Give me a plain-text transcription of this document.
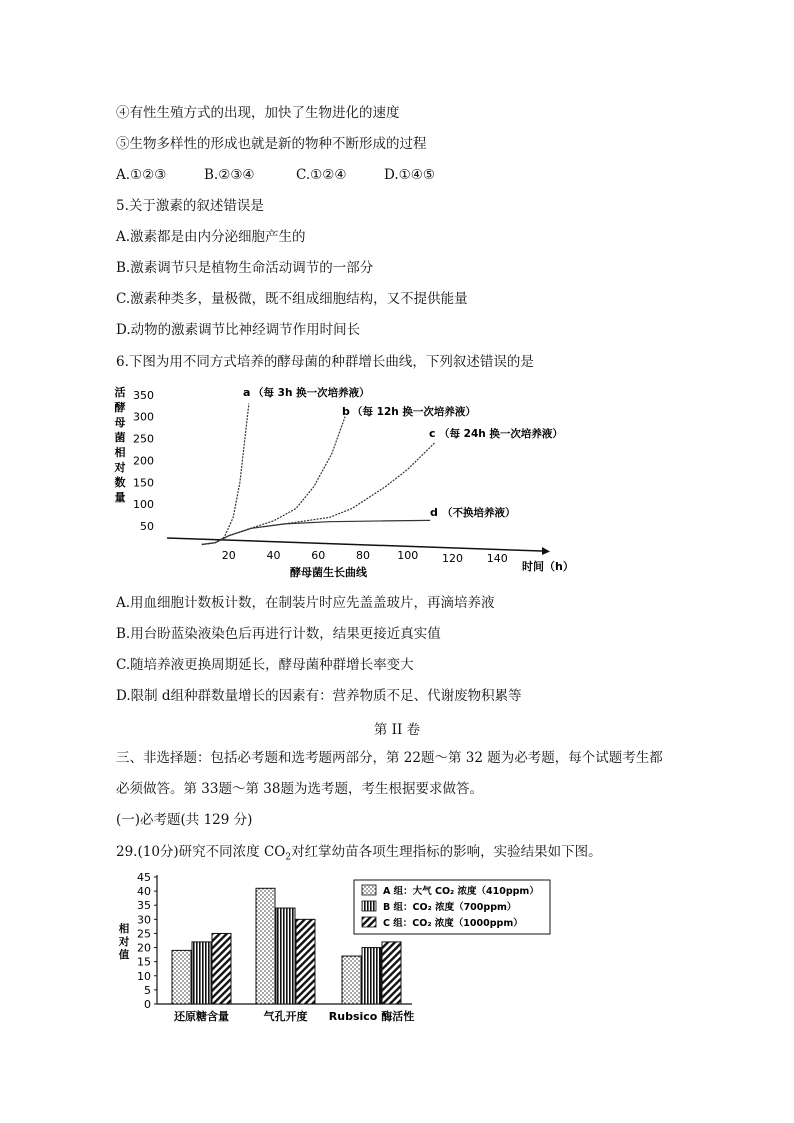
④有性生殖方式的出现，加快了生物进化的速度
⑤生物多样性的形成也就是新的物种不断形成的过程
A.①②③	B.②③④	C.①②④	D.①④⑤
5.关于激素的叙述错误是
A.激素都是由内分泌细胞产生的
B.激素调节只是植物生命活动调节的一部分
C.激素种类多，量极微，既不组成细胞结构，又不提供能量
D.动物的激素调节比神经调节作用时间长
6.下图为用不同方式培养的酵母菌的种群增长曲线，下列叙述错误的是
活
酵
母
菌
相
对
数
量
50
100
150
200
250
300
350
20	40	60	80 100 120 140
a （每 3h 换一次培养液）
b （每 12h 换一次培养液）
c （每 24h 换一次培养液）
d （不换培养液）
时间（h）
酵母菌生长曲线
A.用血细胞计数板计数，在制装片时应先盖盖玻片，再滴培养液
B.用台盼蓝染液染色后再进行计数，结果更接近真实值
C.随培养液更换周期延长，酵母菌种群增长率变大
D.限制 d组种群数量增长的因素有：营养物质不足、代谢废物积累等
第 II 卷
三、非选择题：包括必考题和选考题两部分，第 22题～第 32 题为必考题，每个试题考生都
必须做答。第 33题～第 38题为选考题，考生根据要求做答。
(一)必考题(共 129 分)
29.(10分)研究不同浓度 $CO_2$对红掌幼苗各项生理指标的影响，实验结果如下图。
相
对
值
0
5
10
15
20
25
30
35
40
45
还原糖含量	气孔开度 Rubsico 酶活性
A 组：大气 CO₂ 浓度（410ppm）
B 组：CO₂ 浓度（700ppm）
C 组：CO₂ 浓度（1000ppm）
